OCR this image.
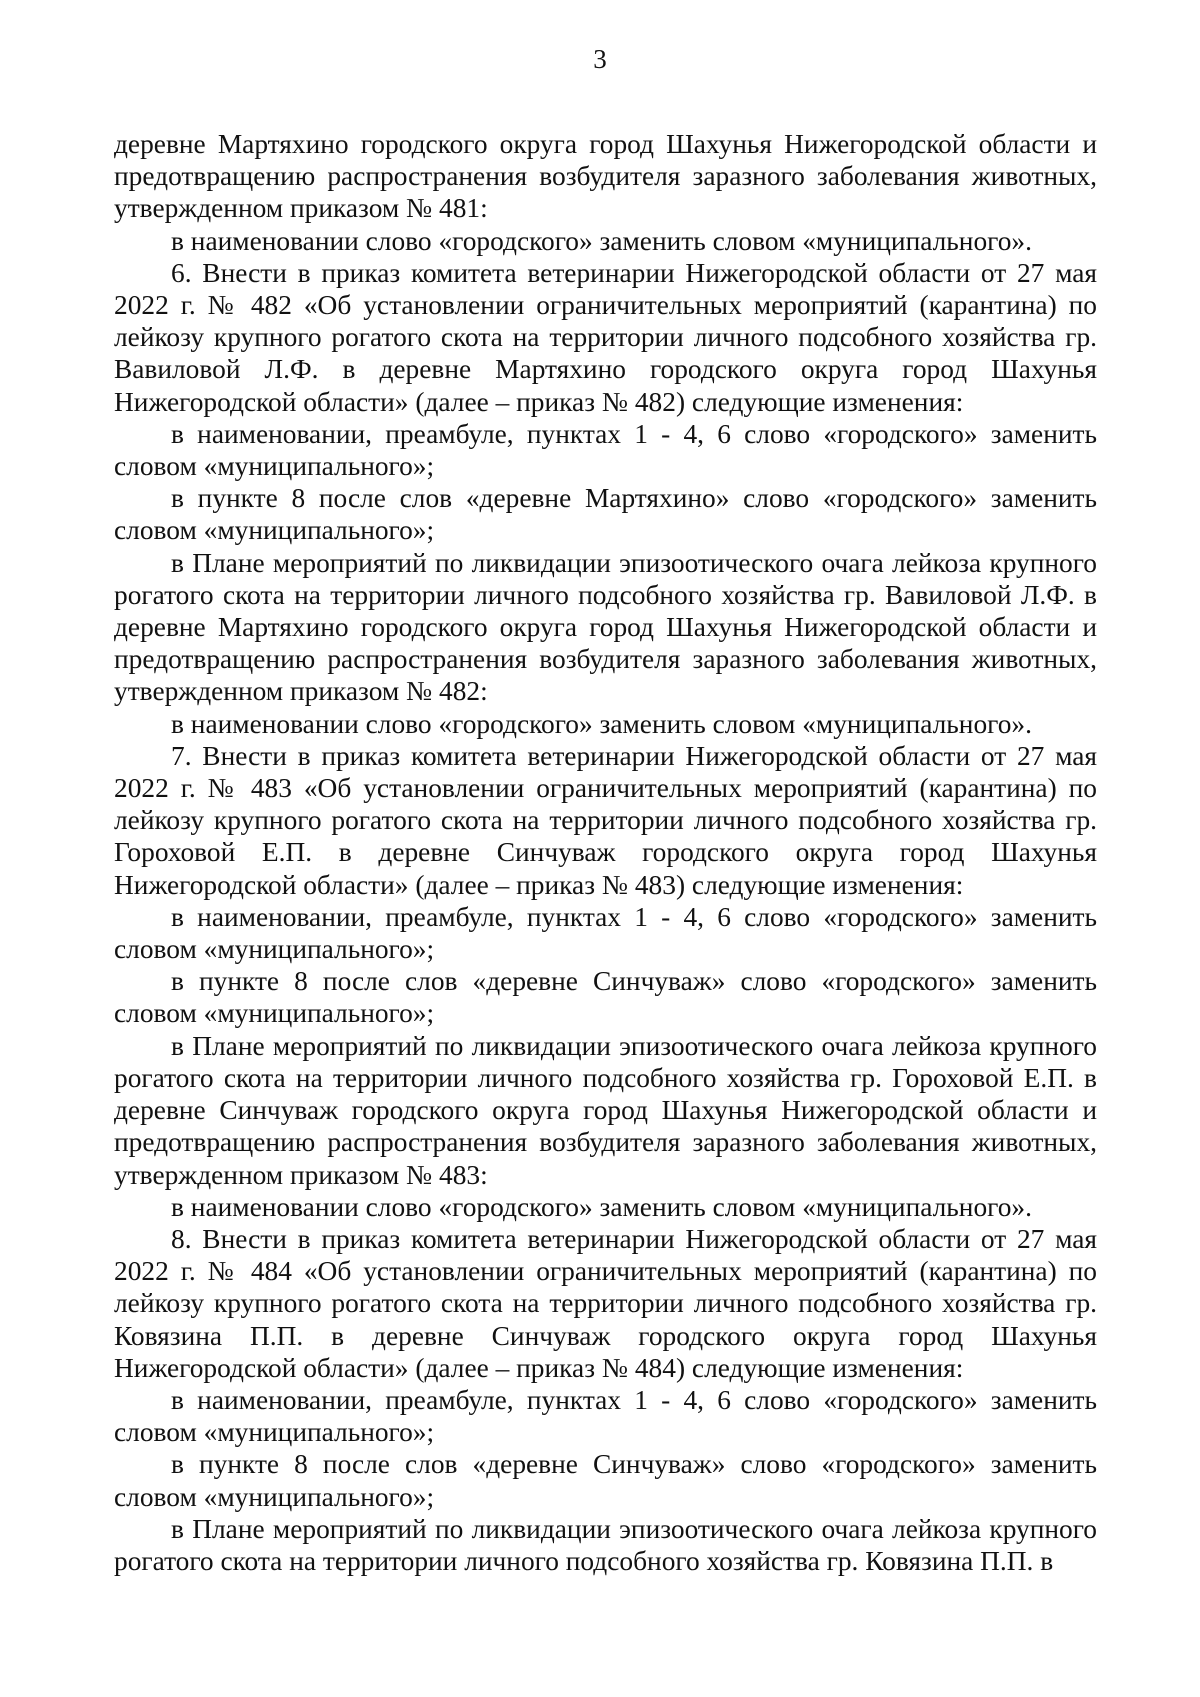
3

деревне Мартяхино городского округа город Шахунья Нижегородской области и предотвращению распространения возбудителя заразного заболевания животных, утвержденном приказом № 481:

в наименовании слово «городского» заменить словом «муниципального».

6. Внести в приказ комитета ветеринарии Нижегородской области от 27 мая 2022 г. № 482 «Об установлении ограничительных мероприятий (карантина) по лейкозу крупного рогатого скота на территории личного подсобного хозяйства гр. Вавиловой Л.Ф. в деревне Мартяхино городского округа город Шахунья Нижегородской области» (далее – приказ № 482) следующие изменения:

в наименовании, преамбуле, пунктах 1 - 4, 6 слово «городского» заменить словом «муниципального»;

в пункте 8 после слов «деревне Мартяхино» слово «городского» заменить словом «муниципального»;

в Плане мероприятий по ликвидации эпизоотического очага лейкоза крупного рогатого скота на территории личного подсобного хозяйства гр. Вавиловой Л.Ф. в деревне Мартяхино городского округа город Шахунья Нижегородской области и предотвращению распространения возбудителя заразного заболевания животных, утвержденном приказом № 482:

в наименовании слово «городского» заменить словом «муниципального».

7. Внести в приказ комитета ветеринарии Нижегородской области от 27 мая 2022 г. № 483 «Об установлении ограничительных мероприятий (карантина) по лейкозу крупного рогатого скота на территории личного подсобного хозяйства гр. Гороховой Е.П. в деревне Синчуваж городского округа город Шахунья Нижегородской области» (далее – приказ № 483) следующие изменения:

в наименовании, преамбуле, пунктах 1 - 4, 6 слово «городского» заменить словом «муниципального»;

в пункте 8 после слов «деревне Синчуваж» слово «городского» заменить словом «муниципального»;

в Плане мероприятий по ликвидации эпизоотического очага лейкоза крупного рогатого скота на территории личного подсобного хозяйства гр. Гороховой Е.П. в деревне Синчуваж городского округа город Шахунья Нижегородской области и предотвращению распространения возбудителя заразного заболевания животных, утвержденном приказом № 483:

в наименовании слово «городского» заменить словом «муниципального».

8. Внести в приказ комитета ветеринарии Нижегородской области от 27 мая 2022 г. № 484 «Об установлении ограничительных мероприятий (карантина) по лейкозу крупного рогатого скота на территории личного подсобного хозяйства гр. Ковязина П.П. в деревне Синчуваж городского округа город Шахунья Нижегородской области» (далее – приказ № 484) следующие изменения:

в наименовании, преамбуле, пунктах 1 - 4, 6 слово «городского» заменить словом «муниципального»;

в пункте 8 после слов «деревне Синчуваж» слово «городского» заменить словом «муниципального»;

в Плане мероприятий по ликвидации эпизоотического очага лейкоза крупного рогатого скота на территории личного подсобного хозяйства гр. Ковязина П.П. в
